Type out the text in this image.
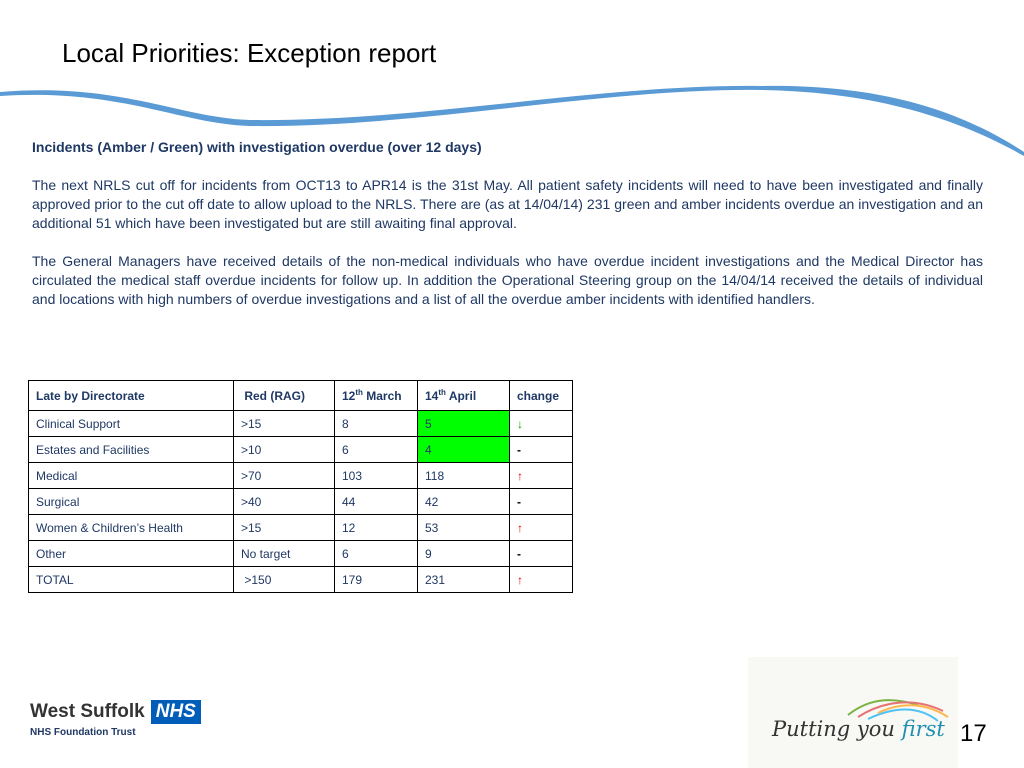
Local Priorities: Exception report

Incidents (Amber / Green) with investigation overdue (over 12 days)

The next NRLS cut off for incidents from OCT13 to APR14 is the 31st May. All patient safety incidents will need to have been investigated and finally approved prior to the cut off date to allow upload to the NRLS. There are (as at 14/04/14) 231 green and amber incidents overdue an investigation and an additional 51 which have been investigated but are still awaiting final approval.

The General Managers have received details of the non-medical individuals who have overdue incident investigations and the Medical Director has circulated the medical staff overdue incidents for follow up. In addition the Operational Steering group on the 14/04/14 received the details of individual and locations with high numbers of overdue investigations and a list of all the overdue amber incidents with identified handlers.

Late by Directorate	Red (RAG)	12th March	14th April	change
Clinical Support	>15	8	5	↓
Estates and Facilities	>10	6	4	-
Medical	>70	103	118	↑
Surgical	>40	44	42	-
Women & Children’s Health	>15	12	53	↑
Other	No target	6	9	-
TOTAL	>150	179	231	↑
West Suffolk NHS
NHS Foundation Trust	Putting you first 17
